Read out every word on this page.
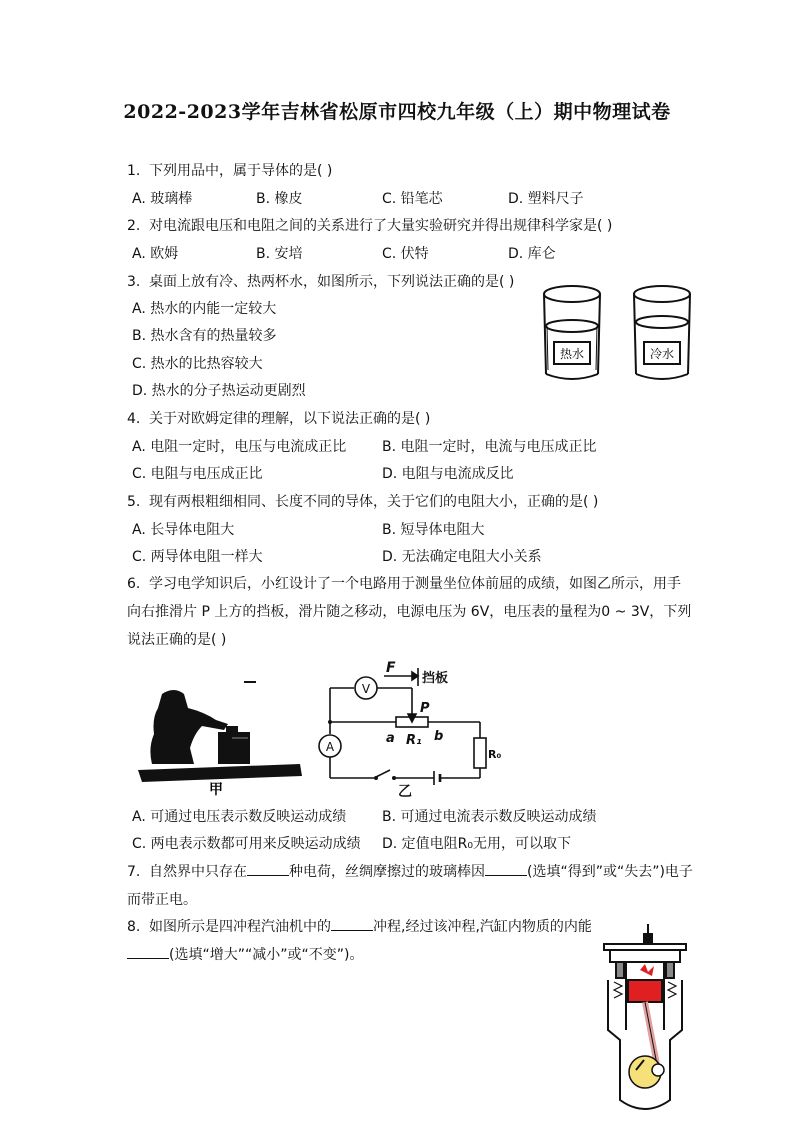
2022-2023学年吉林省松原市四校九年级（上）期中物理试卷
1. 下列用品中，属于导体的是( )
A. 玻璃棒	B. 橡皮	C. 铅笔芯	D. 塑料尺子
2. 对电流跟电压和电阻之间的关系进行了大量实验研究并得出规律科学家是( )
A. 欧姆	B. 安培	C. 伏特	D. 库仑
3. 桌面上放有冷、热两杯水，如图所示，下列说法正确的是( )
A. 热水的内能一定较大
B. 热水含有的热量较多
C. 热水的比热容较大
D. 热水的分子热运动更剧烈
热水	冷水
4. 关于对欧姆定律的理解，以下说法正确的是( )
A. 电阻一定时，电压与电流成正比	B. 电阻一定时，电流与电压成正比
C. 电阻与电压成正比	D. 电阻与电流成反比
5. 现有两根粗细相同、长度不同的导体，关于它们的电阻大小，正确的是( )
A. 长导体电阻大	B. 短导体电阻大
C. 两导体电阻一样大	D. 无法确定电阻大小关系
6. 学习电学知识后，小红设计了一个电路用于测量坐位体前屈的成绩，如图乙所示，用手向右推滑片 P 上方的挡板，滑片随之移动，电源电压为 6V，电压表的量程为0 ~ 3V，下列说法正确的是( )
甲
V
A
F
挡板
P
a R₁ b
R₀
乙
A. 可通过电压表示数反映运动成绩	B. 可通过电流表示数反映运动成绩
C. 两电表示数都可用来反映运动成绩 D. 定值电阻R₀无用，可以取下
7. 自然界中只存在	种电荷，丝绸摩擦过的玻璃棒因	(选填“得到”或“失去”)电子而带正电。
8. 如图所示是四冲程汽油机中的	冲程,经过该冲程,汽缸内物质的内能(选填“增大”“减小”或“不变”)。
